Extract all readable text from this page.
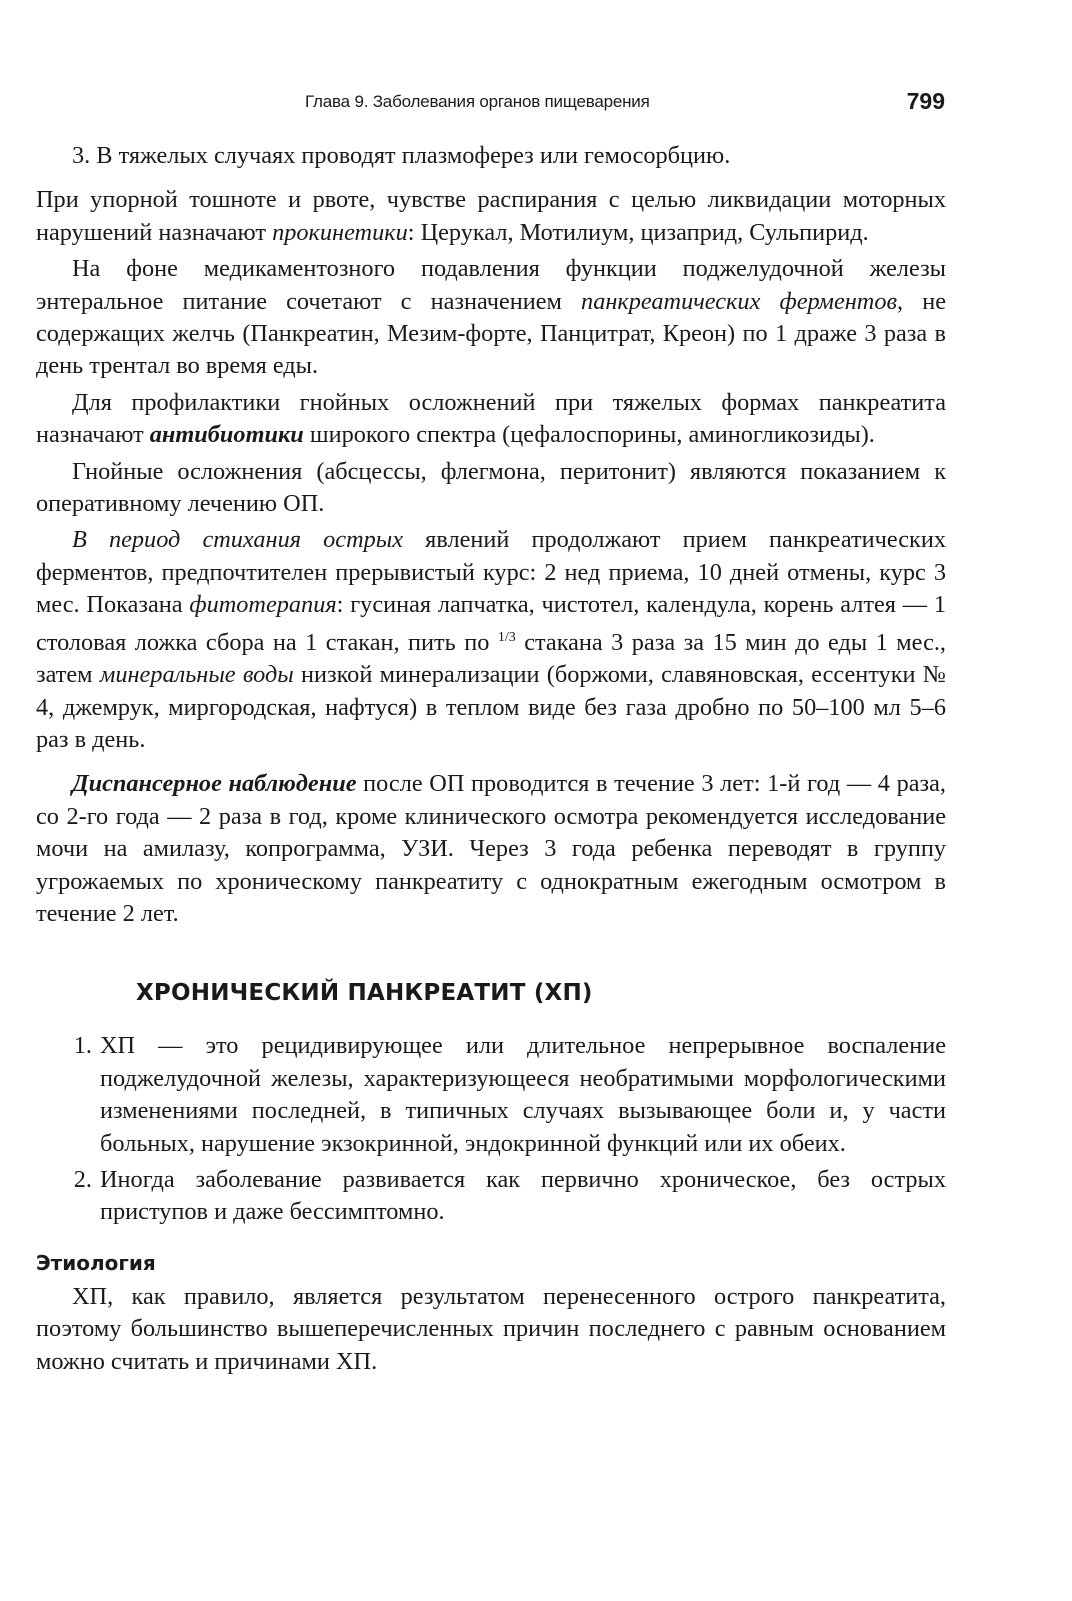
Глава 9. Заболевания органов пищеварения	799

3. В тяжелых случаях проводят плазмоферез или гемосорбцию.

При упорной тошноте и рвоте, чувстве распирания с целью ликвидации моторных нарушений назначают прокинетики: Церукал, Мотилиум, цизаприд, Сульпирид.

На фоне медикаментозного подавления функции поджелудочной железы энтеральное питание сочетают с назначением панкреатических ферментов, не содержащих желчь (Панкреатин, Мезим-форте, Панцитрат, Креон) по 1 драже 3 раза в день трентал во время еды.

Для профилактики гнойных осложнений при тяжелых формах панкреатита назначают антибиотики широкого спектра (цефалоспорины, аминогликозиды).

Гнойные осложнения (абсцессы, флегмона, перитонит) являются показанием к оперативному лечению ОП.

В период стихания острых явлений продолжают прием панкреатических ферментов, предпочтителен прерывистый курс: 2 нед приема, 10 дней отмены, курс 3 мес. Показана фитотерапия: гусиная лапчатка, чистотел, календула, корень алтея — 1 столовая ложка сбора на 1 стакан, пить по $^{1/3}$ стакана 3 раза за 15 мин до еды 1 мес., затем минеральные воды низкой минерализации (боржоми, славяновская, ессентуки № 4, джемрук, миргородская, нафтуся) в теплом виде без газа дробно по 50–100 мл 5–6 раз в день.

Диспансерное наблюдение после ОП проводится в течение 3 лет: 1-й год — 4 раза, со 2-го года — 2 раза в год, кроме клинического осмотра рекомендуется исследование мочи на амилазу, копрограмма, УЗИ. Через 3 года ребенка переводят в группу угрожаемых по хроническому панкреатиту с однократным ежегодным осмотром в течение 2 лет.

ХРОНИЧЕСКИЙ ПАНКРЕАТИТ (ХП)
1. ХП — это рецидивирующее или длительное непрерывное воспаление поджелудочной железы, характеризующееся необратимыми морфологическими изменениями последней, в типичных случаях вызывающее боли и, у части больных, нарушение экзокринной, эндокринной функций или их обеих.
2. Иногда заболевание развивается как первично хроническое, без острых приступов и даже бессимптомно.
Этиология

ХП, как правило, является результатом перенесенного острого панкреатита, поэтому большинство вышеперечисленных причин последнего с равным основанием можно считать и причинами ХП.
